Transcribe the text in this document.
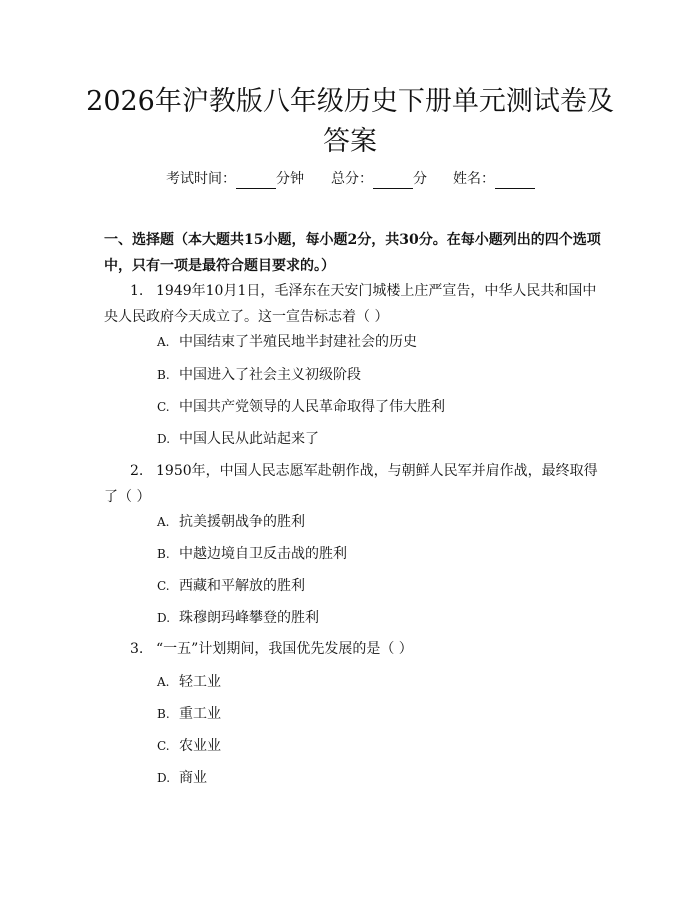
2026年沪教版八年级历史下册单元测试卷及答案
考试时间：	分钟 总分：	分 姓名：
一、选择题（本大题共15小题，每小题2分，共30分。在每小题列出的四个选项中，只有一项是最符合题目要求的。）
1. 1949年10月1日，毛泽东在天安门城楼上庄严宣告，中华人民共和国中央人民政府今天成立了。这一宣告标志着（ ）
A. 中国结束了半殖民地半封建社会的历史
B. 中国进入了社会主义初级阶段
C. 中国共产党领导的人民革命取得了伟大胜利
D. 中国人民从此站起来了
2. 1950年，中国人民志愿军赴朝作战，与朝鲜人民军并肩作战，最终取得了（ ）
A. 抗美援朝战争的胜利
B. 中越边境自卫反击战的胜利
C. 西藏和平解放的胜利
D. 珠穆朗玛峰攀登的胜利
3. “一五”计划期间，我国优先发展的是（ ）
A. 轻工业
B. 重工业
C. 农业业
D. 商业
